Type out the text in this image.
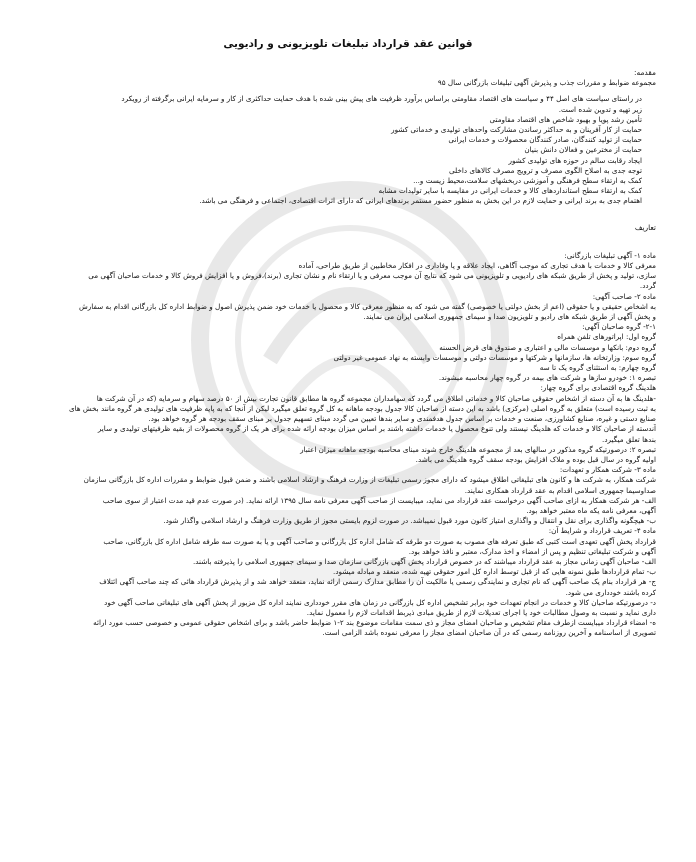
قوانین عقد قرارداد تبلیغات تلویزیونی و رادیویی
مقدمه:
مجموعه ضوابط و مقررات جذب و پذیرش آگهی تبلیغات بازرگانی سال ۹۵
• در راستای سیاست های اصل ۴۴ و سیاست های اقتصاد مقاومتی براساس برآورد ظرفیت های پیش بینی شده با هدف حمایت حداکثری از کار و سرمایه ایرانی برگرفته از رویکرد
زیر تهیه و تدوین شده است.
• تأمین رشد پویا و بهبود شاخص های اقتصاد مقاومتی
• حمایت از کار آفرینان و به حداکثر رساندن مشارکت واحدهای تولیدی و خدماتی کشور
• حمایت از تولید کنندگان، صادر کنندگان محصولات و خدمات ایرانی
• حمایت از مخترعین و فعالان دانش بنیان
• ایجاد رقابت سالم در حوزه های تولیدی کشور
• توجه جدی به اصلاح الگوی مصرف و ترویج مصرف کالاهای داخلی
• کمک به ارتقاء سطح فرهنگی و آموزشی دربخشهای سلامت،محیط زیست و...
• کمک به ارتقاء سطح استانداردهای کالا و خدمات ایرانی در مقایسه با سایر تولیدات مشابه
• اهتمام جدی به برند ایرانی و حمایت لازم در این بخش به منظور حضور مستمر برندهای ایرانی که دارای اثرات اقتصادی، اجتماعی و فرهنگی می باشد.
تعاریف
ماده ۱- آگهی تبلیغات بازرگانی:
معرفی کالا و خدمات با هدف تجاری که موجب آگاهی، ایجاد علاقه و یا وفاداری در افکار مخاطبین از طریق طراحی، آماده
سازی، تولید و پخش از طریق شبکه های رادیویی و تلویزیونی می شود که نتایج آن موجب معرفی و یا ارتقاء نام و نشان تجاری (برند)،فروش و یا افزایش فروش کالا و خدمات صاحبان آگهی می
گردد.
ماده ۲- صاحب آگهی:
به اشخاص حقیقی و یا حقوقی (اعم از بخش دولتی یا خصوصی) گفته می شود که به منظور معرفی کالا و محصول یا خدمات خود ضمن پذیرش اصول و ضوابط اداره کل بازرگانی اقدام به سفارش
و پخش آگهی از طریق شبکه های رادیو و تلویزیون صدا و سیمای جمهوری اسلامی ایران می نمایند.
۲-۱- گروه صاحبان آگهی:
گروه اول: اپراتورهای تلفن همراه
گروه دوم: بانکها و موسسات مالی و اعتباری و صندوق های قرض الحسنه
گروه سوم: وزارتخانه ها، سازمانها و شرکتها و موسسات دولتی و موسسات وابسته به نهاد عمومی غیر دولتی
گروه چهارم: به استثنای گروه یک تا سه
تبصره ۱: خودرو سازها و شرکت های بیمه در گروه چهار محاسبه میشوند.
هلدینگ گروه اقتصادی برای گروه چهار:
-هلدینگ ها به آن دسته از اشخاص حقوقی صاحبان کالا و خدماتی اطلاق می گردد که سهامداران مجموعه گروه ها مطابق قانون تجارت بیش از ۵۰ درصد سهام و سرمایه (که در آن شرکت ها
به ثبت رسیده است) متعلق به گروه اصلی (مرکزی) باشد به این دسته از صاحبان کالا جدول بودجه ماهانه به کل گروه تعلق میگیرد لیکن از آنجا که به پایه ظرفیت های تولیدی هر گروه مانند بخش های
صنایع دستی و غیره، صنایع کشاورزی، صنعت و خدمات بر اساس جدول هدفمندی و سایر بندها تعیین می گردد مبنای تسهیم جدول بر مبنای سقف بودجه هر گروه خواهد بود.
آندسته از صاحبان کالا و خدمات که هلدینگ نیستند ولی تنوع محصول یا خدمات داشته باشند بر اساس میزان بودجه ارائه شده برای هر یک از گروه محصولات از بقیه ظرفیتهای تولیدی و سایر
بندها تعلق میگیرد.
تبصره ۲: درصورتیکه گروه مذکور در سالهای بعد از مجموعه هلدینگ خارج شوند مبنای محاسبه بودجه ماهانه میزان اعتبار
اولیه گروه در سال قبل بوده و ملاک افزایش بودجه سقف گروه هلدینگ می باشد.
ماده ۳- شرکت همکار و تعهدات:
شرکت همکار، به شرکت ها و کانون های تبلیغاتی اطلاق میشود که دارای مجوز رسمی تبلیغات از وزارت فرهنگ و ارشاد اسلامی باشند و ضمن قبول ضوابط و مقررات اداره کل بازرگانی سازمان
صداوسیما جمهوری اسلامی اقدام به عقد قرارداد همکاری نمایند.
الف- هر شرکت همکار به ازای صاحب آگهی درخواست عقد قرارداد می نماید، میبایست از صاحب آگهی معرفی نامه سال ۱۳۹۵ ارائه نماید. (در صورت عدم قید مدت اعتبار از سوی صاحب
آگهی، معرفی نامه یکه ماه معتبر خواهد بود.
ب- هیچگونه واگذاری برای نقل و انتقال و واگذاری امتیاز کانون مورد قبول نمیباشد. در صورت لزوم بایستی مجوز از طریق وزارت فرهنگ و ارشاد اسلامی واگذار شود.
ماده ۴- تعریف قرارداد و شرایط آن:
قرارداد پخش آگهی تعهدی است کتبی که طبق تعرفه های مصوب به صورت دو طرفه که شامل اداره کل بازرگانی و صاحب آگهی و یا به صورت سه طرفه شامل اداره کل بازرگانی، صاحب
آگهی و شرکت تبلیغاتی تنظیم و پس از امضاء و اخذ مدارک، معتبر و نافذ خواهد بود.
الف- صاحبان آگهی زمانی مجاز به عقد قرارداد میباشند که در خصوص قرارداد پخش آگهی بازرگانی سازمان صدا و سیمای جمهوری اسلامی را پذیرفته باشند.
ب- تمام قراردادها طبق نمونه هایی که از قبل توسط اداره کل امور حقوقی تهیه شده، منعقد و مبادله میشود.
ج- هر قرارداد بنام یک صاحب آگهی که نام تجاری و نمایندگی رسمی یا مالکیت آن را مطابق مدارک رسمی ارائه نماید، منعقد خواهد شد و از پذیرش قرارداد هائی که چند صاحب آگهی ائتلاف
کرده باشند خودداری می شود.
د- درصورتیکه صاحبان کالا و خدمات در انجام تعهدات خود برابر تشخیص اداره کل بازرگانی در زمان های مقرر خودداری نمایند اداره کل مزبور از پخش آگهی های تبلیغاتی صاحب آگهی خود
داری نماید و نسبت به وصول مطالبات خود یا اجرای تعدیلات لازم از طریق مبادی ذیربط اقدامات لازم را معمول نماید.
ه- امضاء قرارداد میبایست ازطرف مقام تشخیص و صاحبان امضای مجاز و ذی سمت مقامات موضوع بند ۲-۱ ضوابط حاضر باشد و برای اشخاص حقوقی عمومی و خصوصی حسب مورد ارائه
تصویری از اساسنامه و آخرین روزنامه رسمی که در آن صاحبان امضای مجاز را معرفی نموده باشد الزامی است.
